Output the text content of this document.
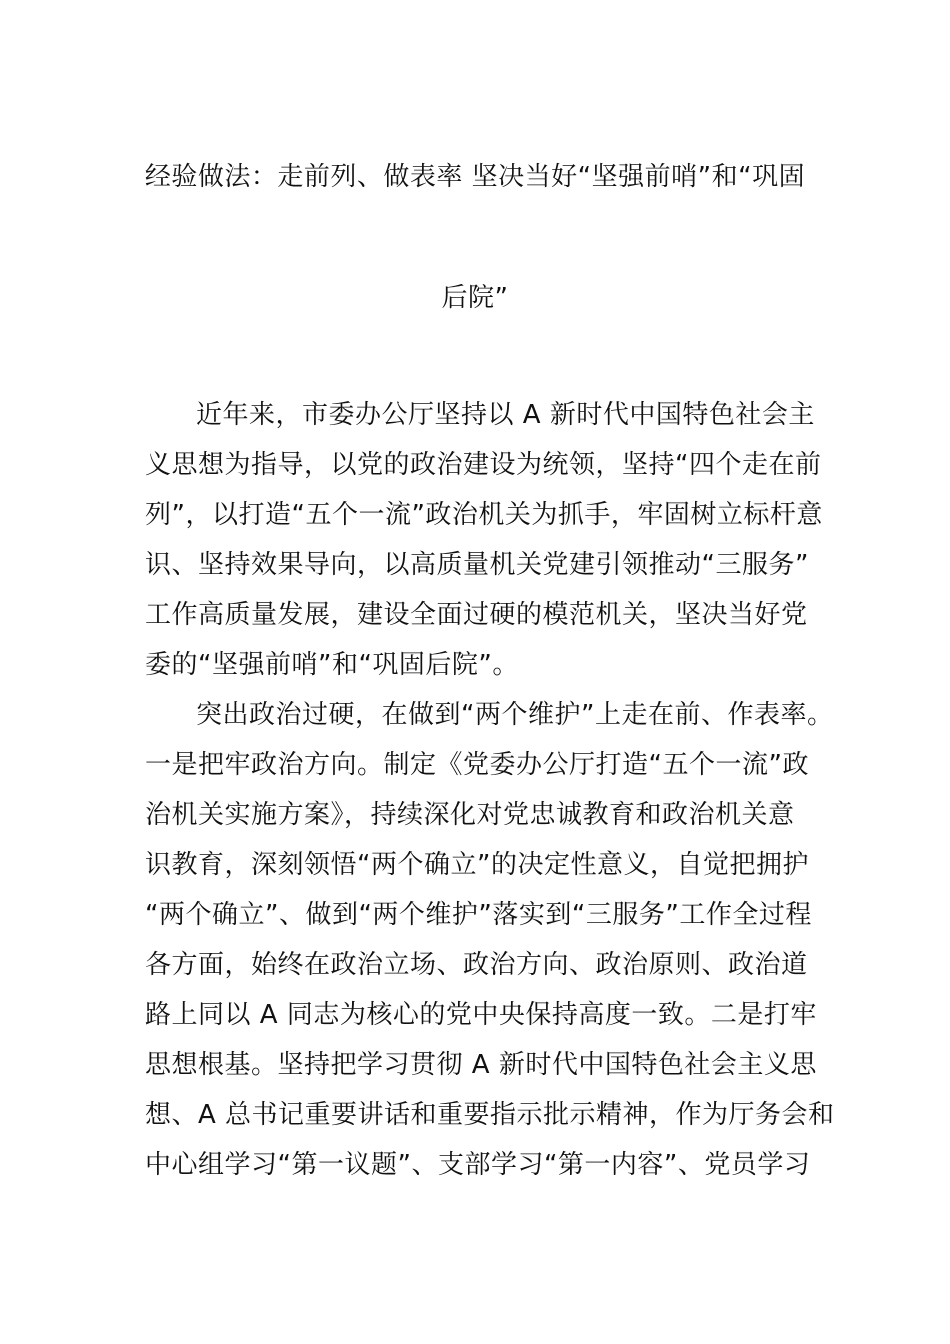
经验做法：走前列、做表率 坚决当好“坚强前哨”和“巩固
后院”
近年来，市委办公厅坚持以 A 新时代中国特色社会主
义思想为指导，以党的政治建设为统领，坚持“四个走在前
列”，以打造“五个一流”政治机关为抓手，牢固树立标杆意
识、坚持效果导向，以高质量机关党建引领推动“三服务”
工作高质量发展，建设全面过硬的模范机关，坚决当好党
委的“坚强前哨”和“巩固后院”。
突出政治过硬，在做到“两个维护”上走在前、作表率。
一是把牢政治方向。制定《党委办公厅打造“五个一流”政
治机关实施方案》，持续深化对党忠诚教育和政治机关意
识教育，深刻领悟“两个确立”的决定性意义，自觉把拥护
“两个确立”、做到“两个维护”落实到“三服务”工作全过程
各方面，始终在政治立场、政治方向、政治原则、政治道
路上同以 A 同志为核心的党中央保持高度一致。二是打牢
思想根基。坚持把学习贯彻 A 新时代中国特色社会主义思
想、A 总书记重要讲话和重要指示批示精神，作为厅务会和
中心组学习“第一议题”、支部学习“第一内容”、党员学习
